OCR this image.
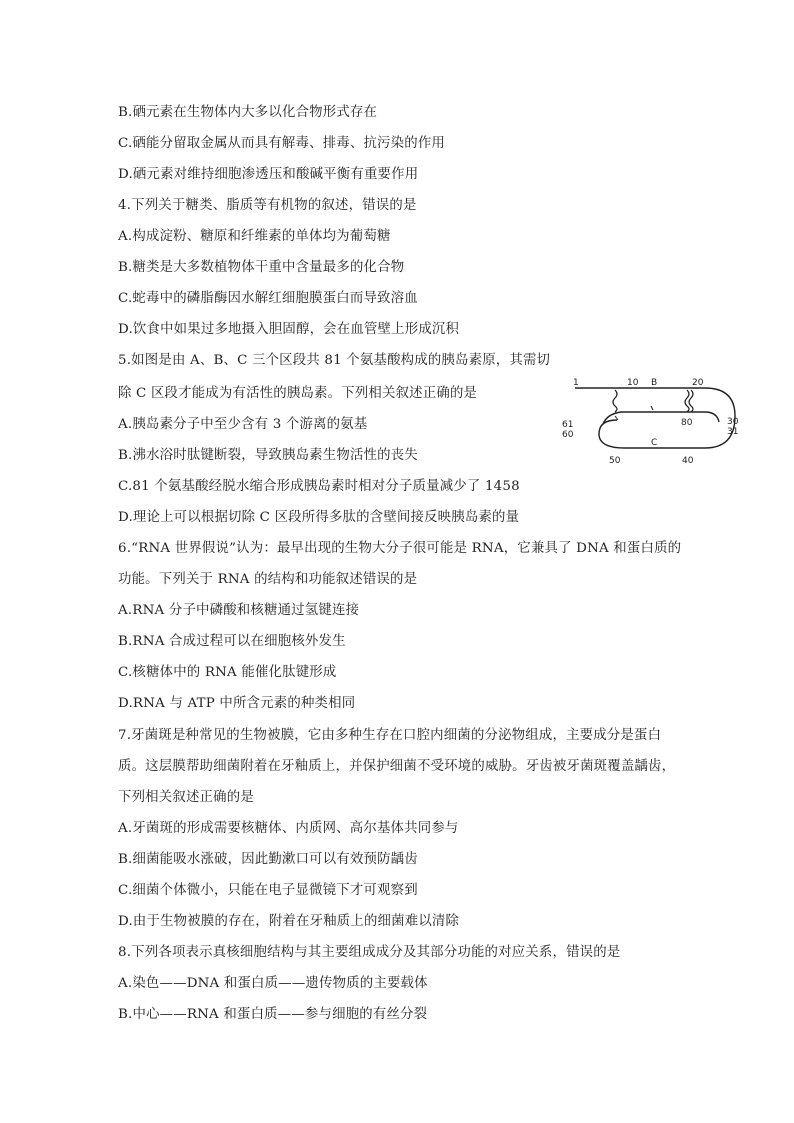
B.硒元素在生物体内大多以化合物形式存在
C.硒能分留取金属从而具有解毒、排毒、抗污染的作用
D.硒元素对维持细胞渗透压和酸碱平衡有重要作用
4.下列关于糖类、脂质等有机物的叙述，错误的是
A.构成淀粉、糖原和纤维素的单体均为葡萄糖
B.糖类是大多数植物体干重中含量最多的化合物
C.蛇毒中的磷脂酶因水解红细胞膜蛋白而导致溶血
D.饮食中如果过多地摄入胆固醇，会在血管壁上形成沉积
5.如图是由 A、B、C 三个区段共 81 个氨基酸构成的胰岛素原，其需切
除 C 区段才能成为有活性的胰岛素。下列相关叙述正确的是
A.胰岛素分子中至少含有 3 个游离的氨基
B.沸水浴时肽键断裂，导致胰岛素生物活性的丧失
C.81 个氨基酸经脱水缩合形成胰岛素时相对分子质量减少了 1458
D.理论上可以根据切除 C 区段所得多肽的含壁间接反映胰岛素的量
6.“RNA 世界假说”认为：最早出现的生物大分子很可能是 RNA，它兼具了 DNA 和蛋白质的
功能。下列关于 RNA 的结构和功能叙述错误的是
A.RNA 分子中磷酸和核糖通过氢键连接
B.RNA 合成过程可以在细胞核外发生
C.核糖体中的 RNA 能催化肽键形成
D.RNA 与 ATP 中所含元素的种类相同
7.牙菌斑是种常见的生物被膜，它由多种生存在口腔内细菌的分泌物组成，主要成分是蛋白
质。这层膜帮助细菌附着在牙釉质上，并保护细菌不受环境的威胁。牙齿被牙菌斑覆盖龋齿，
下列相关叙述正确的是
A.牙菌斑的形成需要核糖体、内质网、高尔基体共同参与
B.细菌能吸水涨破，因此勤漱口可以有效预防龋齿
C.细菌个体微小，只能在电子显微镜下才可观察到
D.由于生物被膜的存在，附着在牙釉质上的细菌难以清除
8.下列各项表示真核细胞结构与其主要组成成分及其部分功能的对应关系，错误的是
A.染色——DNA 和蛋白质——遗传物质的主要载体
B.中心——RNA 和蛋白质——参与细胞的有丝分裂
1	10 B	20
80	30
31
61
60
C
50	40
